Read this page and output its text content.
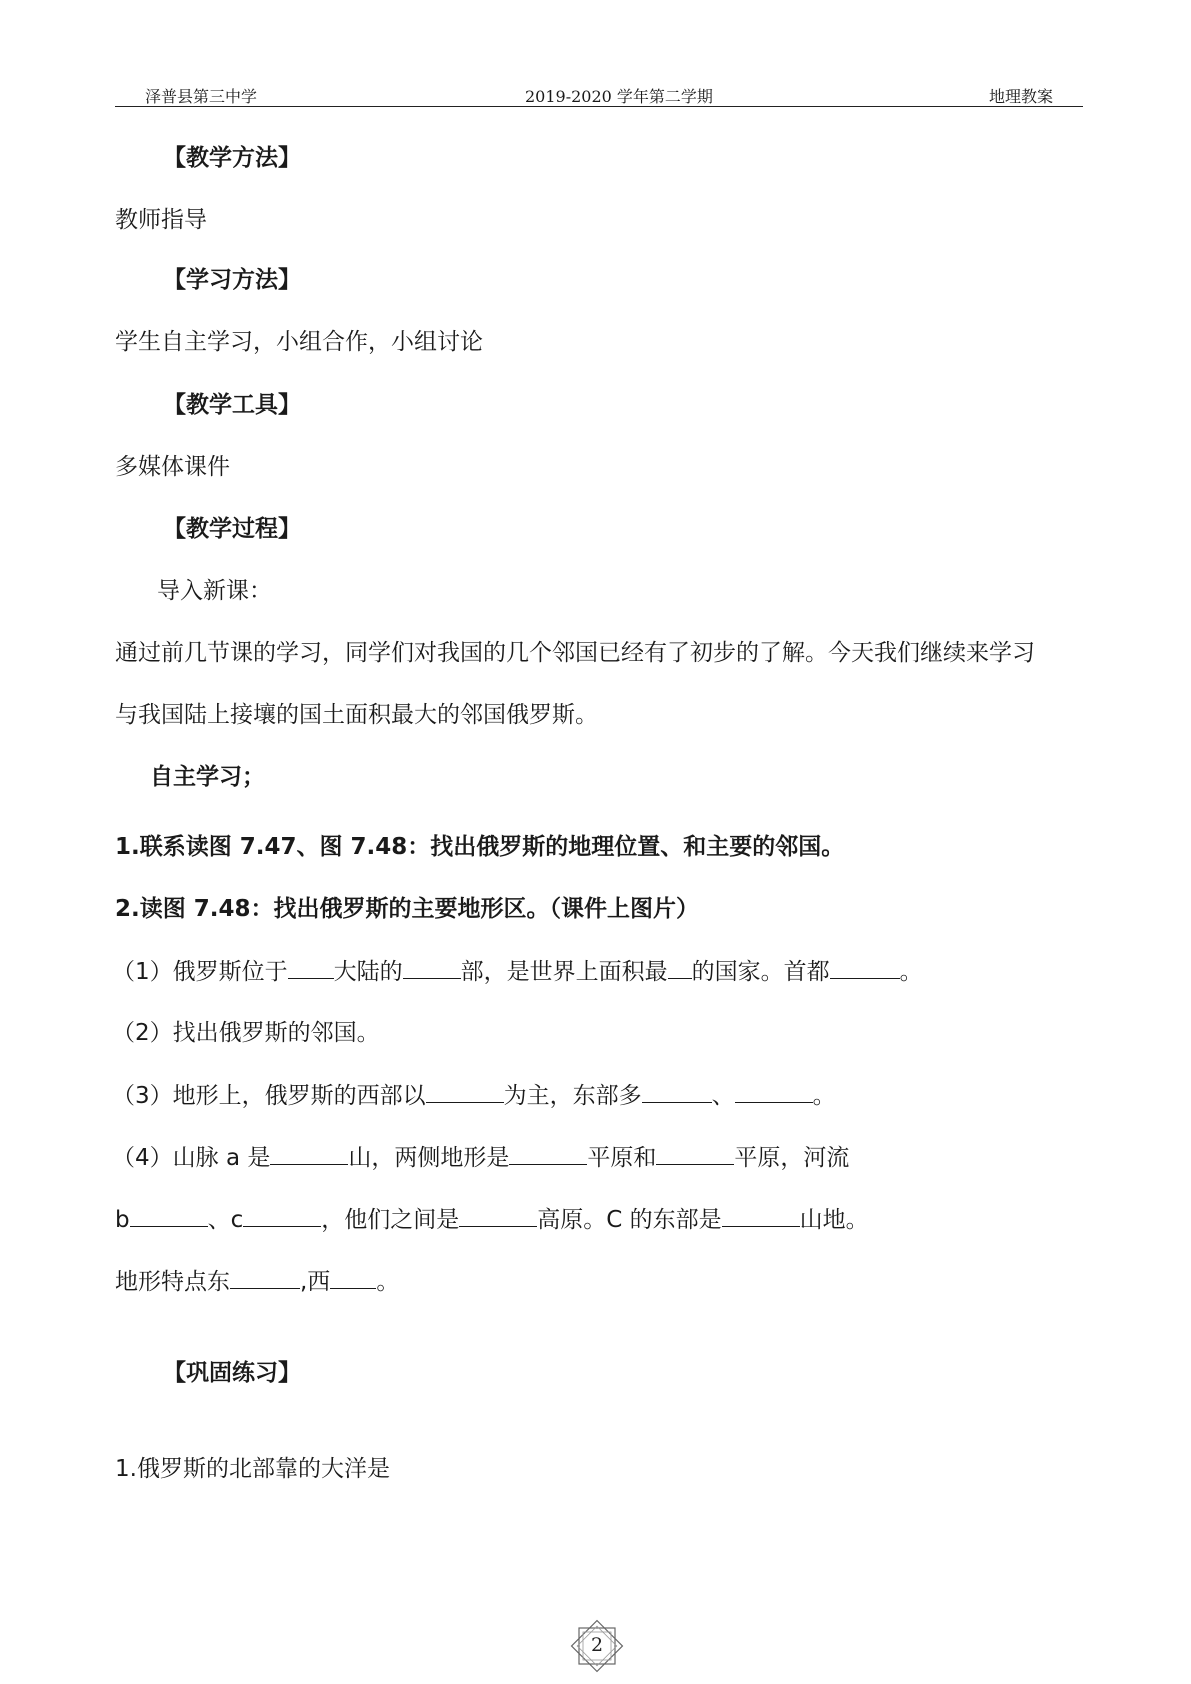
泽普县第三中学	2019-2020 学年第二学期	地理教案
【教学方法】
教师指导
【学习方法】
学生自主学习，小组合作，小组讨论
【教学工具】
多媒体课件
【教学过程】
导入新课：
通过前几节课的学习，同学们对我国的几个邻国已经有了初步的了解。今天我们继续来学习
与我国陆上接壤的国土面积最大的邻国俄罗斯。
自主学习；
1.联系读图 7.47、图 7.48：找出俄罗斯的地理位置、和主要的邻国。
2.读图 7.48：找出俄罗斯的主要地形区。（课件上图片）
（1）俄罗斯位于 大陆的	部，是世界上面积最 的国家。首都	。
（2）找出俄罗斯的邻国。
（3）地形上，俄罗斯的西部以	为主，东部多	、	。
（4）山脉 a 是	山，两侧地形是	平原和	平原，河流
b	、c	，他们之间是	高原。C 的东部是	山地。
地形特点东	,西 。
【巩固练习】
1.俄罗斯的北部靠的大洋是
2
